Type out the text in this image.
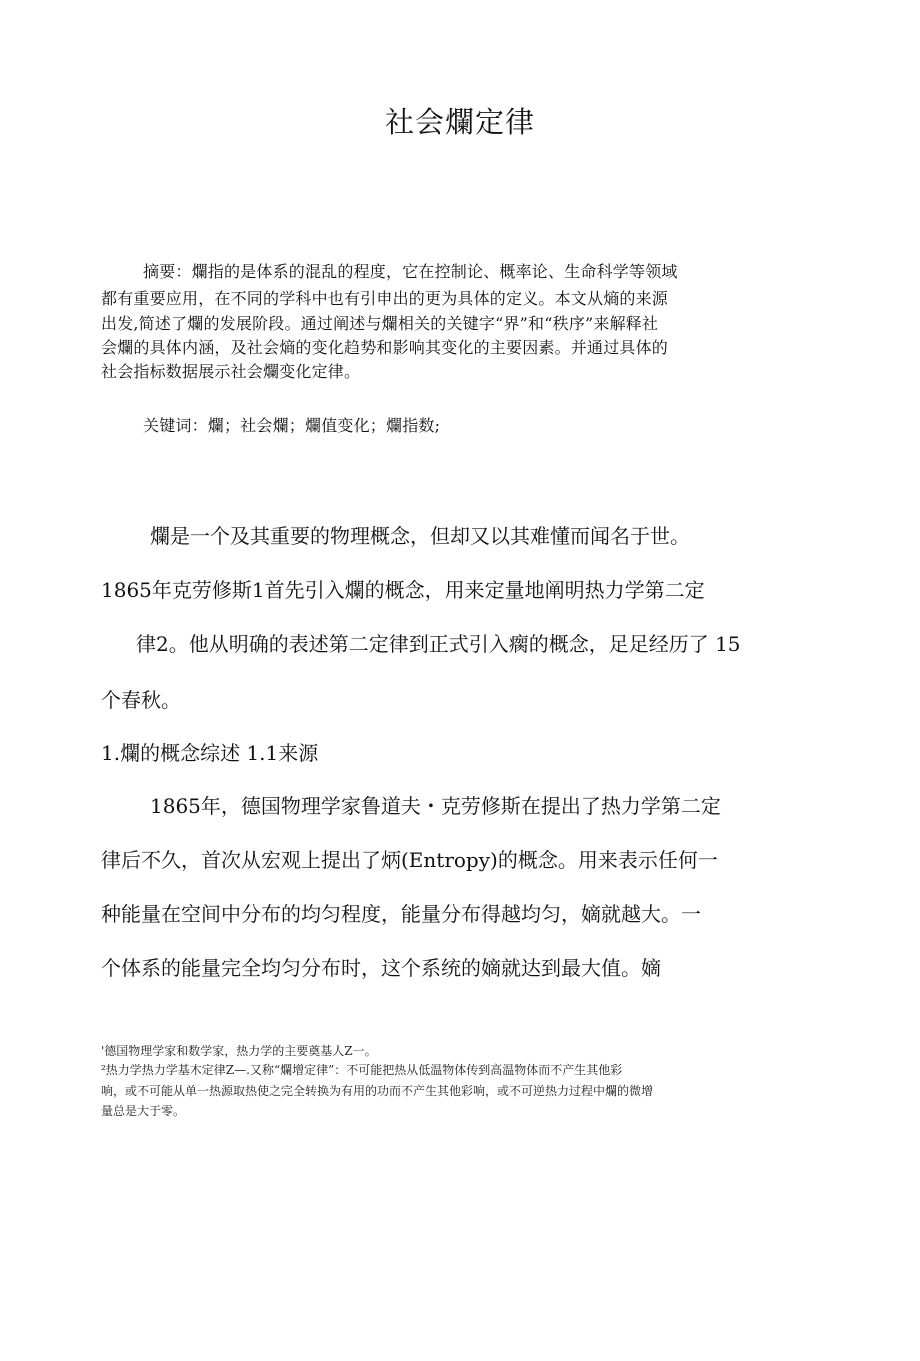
社会爛定律
摘要：爛指的是体系的混乱的程度，它在控制论、概率论、生命科学等领域
都有重要应用，在不同的学科中也有引申出的更为具体的定义。本文从熵的来源
出发,简述了爛的发展阶段。通过阐述与爛相关的关键字“界”和“秩序”来解释社
会爛的具体内涵，及社会熵的变化趋势和影响其变化的主要因素。并通过具体的
社会指标数据展示社会爛变化定律。
关键词：爛；社会爛；爛值变化；爛指数;
爛是一个及其重要的物理概念，但却又以其难懂而闻名于世。
1865年克劳修斯1首先引入爛的概念，用来定量地阐明热力学第二定
律2。他从明确的表述第二定律到正式引入瘸的概念，足足经历了 15
个春秋。
1.爛的概念综述 1.1来源
1865年，德国物理学家鲁道夫・克劳修斯在提出了热力学第二定
律后不久，首次从宏观上提出了炳(Entropy)的概念。用来表示任何一
种能量在空间中分布的均匀程度，能量分布得越均匀，嫡就越大。一
个体系的能量完全均匀分布时，这个系统的嫡就达到最大值。嫡
'德国物理学家和数学家，热力学的主要奠基人Z一。
²热力学热力学基木定律Z—.又称“爛增定律”：不可能把热从低温物体传到高温物体而不产生其他彩
响，或不可能从单一热源取热使之完全转换为有用的功而不产生其他彩响，或不可逆热力过程中爛的微增
量总是大于零。
